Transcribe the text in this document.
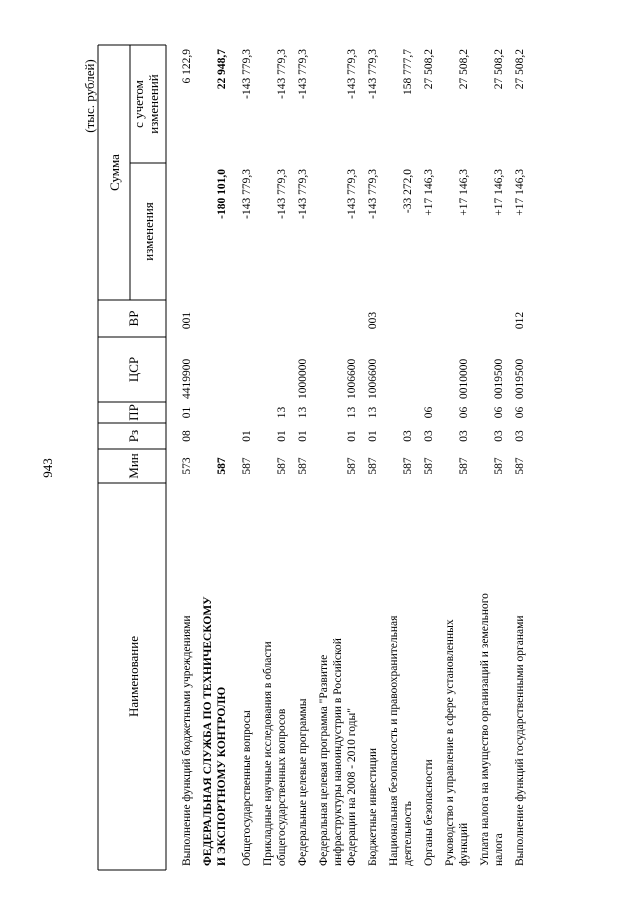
943
Наименование
Мин
Рз
ПР
ЦСР
ВР
Сумма
изменения
с учетом изменений
(тыс. рублей)
Выполнение функций бюджетными учреждениями
573
08
01
4419900
001
6 122,9
ФЕДЕРАЛЬНАЯ СЛУЖБА ПО ТЕХНИЧЕСКОМУ И ЭКСПОРТНОМУ КОНТРОЛЮ
587
-180 101,0
22 948,7
Общегосударственные вопросы
587
01
-143 779,3
-143 779,3
Прикладные научные исследования в области общегосударственных вопросов
587
01
13
-143 779,3
-143 779,3
Федеральные целевые программы
587
01
13
1000000
-143 779,3
-143 779,3
Федеральная целевая программа "Развитие инфраструктуры наноиндустрии в Российской Федерации на 2008 - 2010 годы"
587
01
13
1006600
-143 779,3
-143 779,3
Бюджетные инвестиции
587
01
13
1006600
003
-143 779,3
-143 779,3
Национальная безопасность и правоохранительная деятельность
587
03
-33 272,0
158 777,7
Органы безопасности
587
03
06
+17 146,3
27 508,2
Руководство и управление в сфере установленных функций
587
03
06
0010000
+17 146,3
27 508,2
Уплата налога на имущество организаций и земельного налога
587
03
06
0019500
+17 146,3
27 508,2
Выполнение функций государственными органами
587
03
06
0019500
012
+17 146,3
27 508,2
